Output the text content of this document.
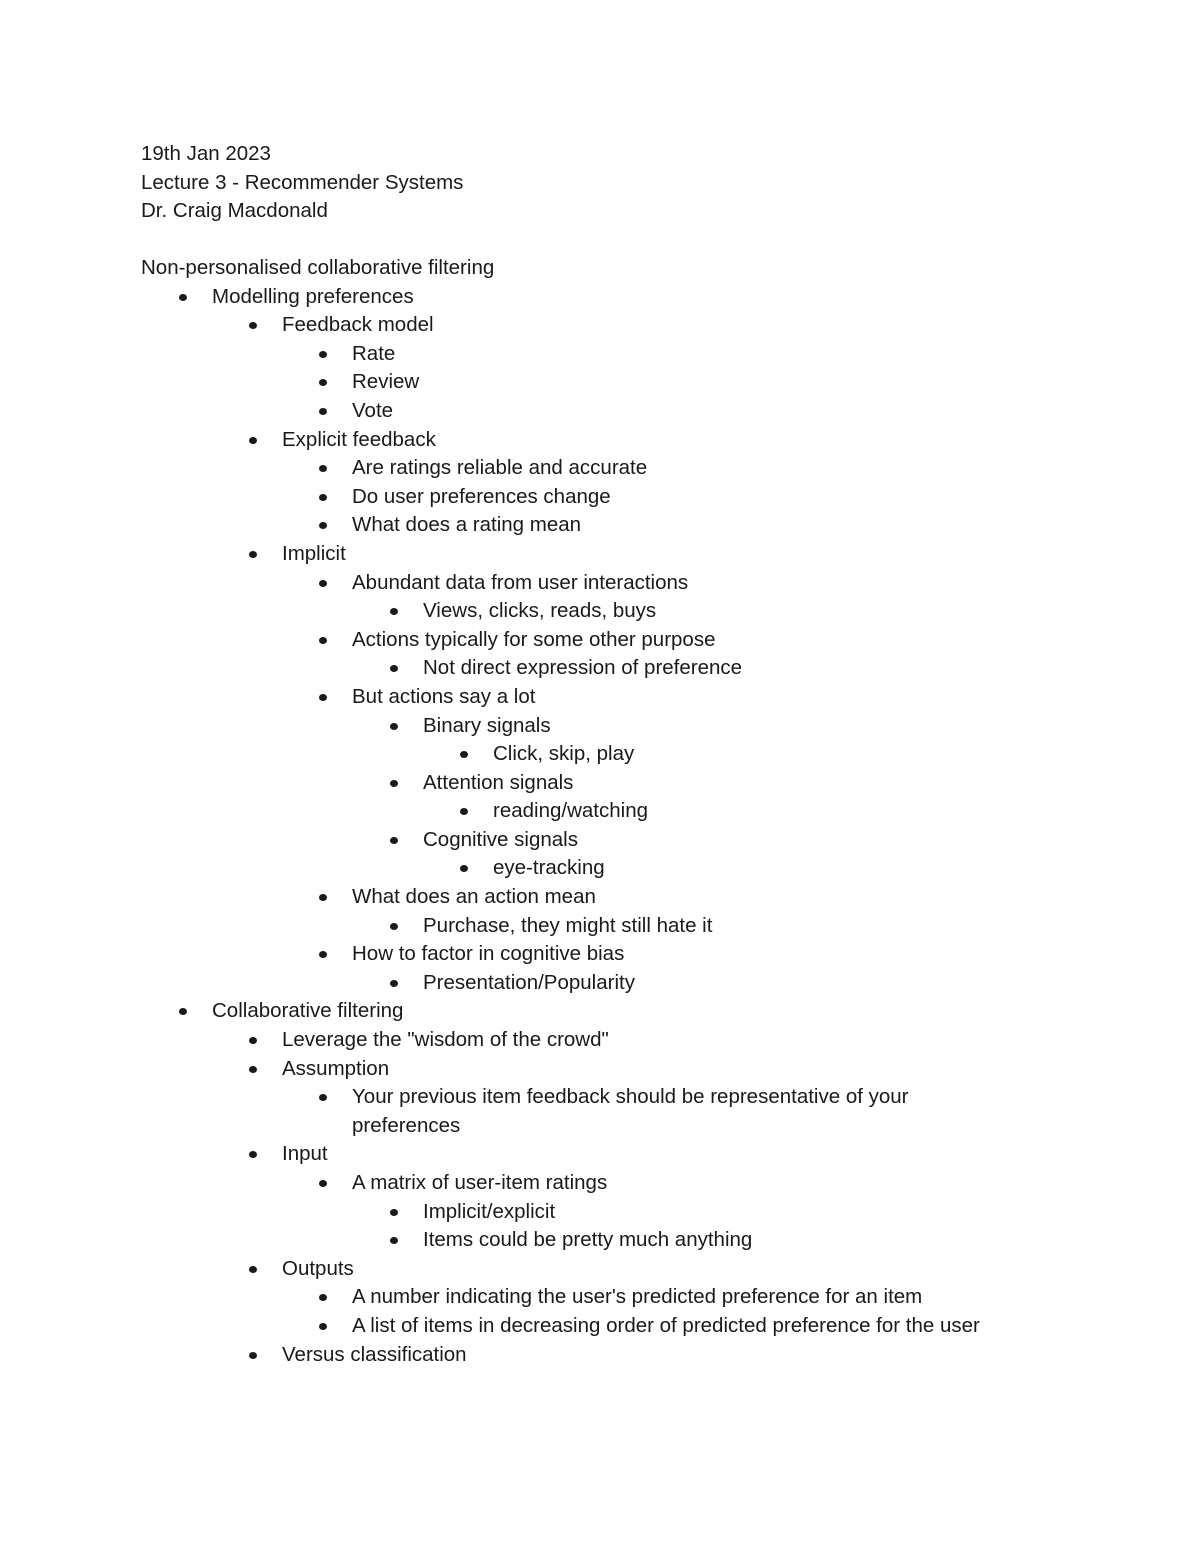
19th Jan 2023
Lecture 3 - Recommender Systems
Dr. Craig Macdonald
Non-personalised collaborative filtering
Modelling preferences
Feedback model
Rate
Review
Vote
Explicit feedback
Are ratings reliable and accurate
Do user preferences change
What does a rating mean
Implicit
Abundant data from user interactions
Views, clicks, reads, buys
Actions typically for some other purpose
Not direct expression of preference
But actions say a lot
Binary signals
Click, skip, play
Attention signals
reading/watching
Cognitive signals
eye-tracking
What does an action mean
Purchase, they might still hate it
How to factor in cognitive bias
Presentation/Popularity
Collaborative filtering
Leverage the "wisdom of the crowd"
Assumption
Your previous item feedback should be representative of your preferences
Input
A matrix of user-item ratings
Implicit/explicit
Items could be pretty much anything
Outputs
A number indicating the user's predicted preference for an item
A list of items in decreasing order of predicted preference for the user
Versus classification
